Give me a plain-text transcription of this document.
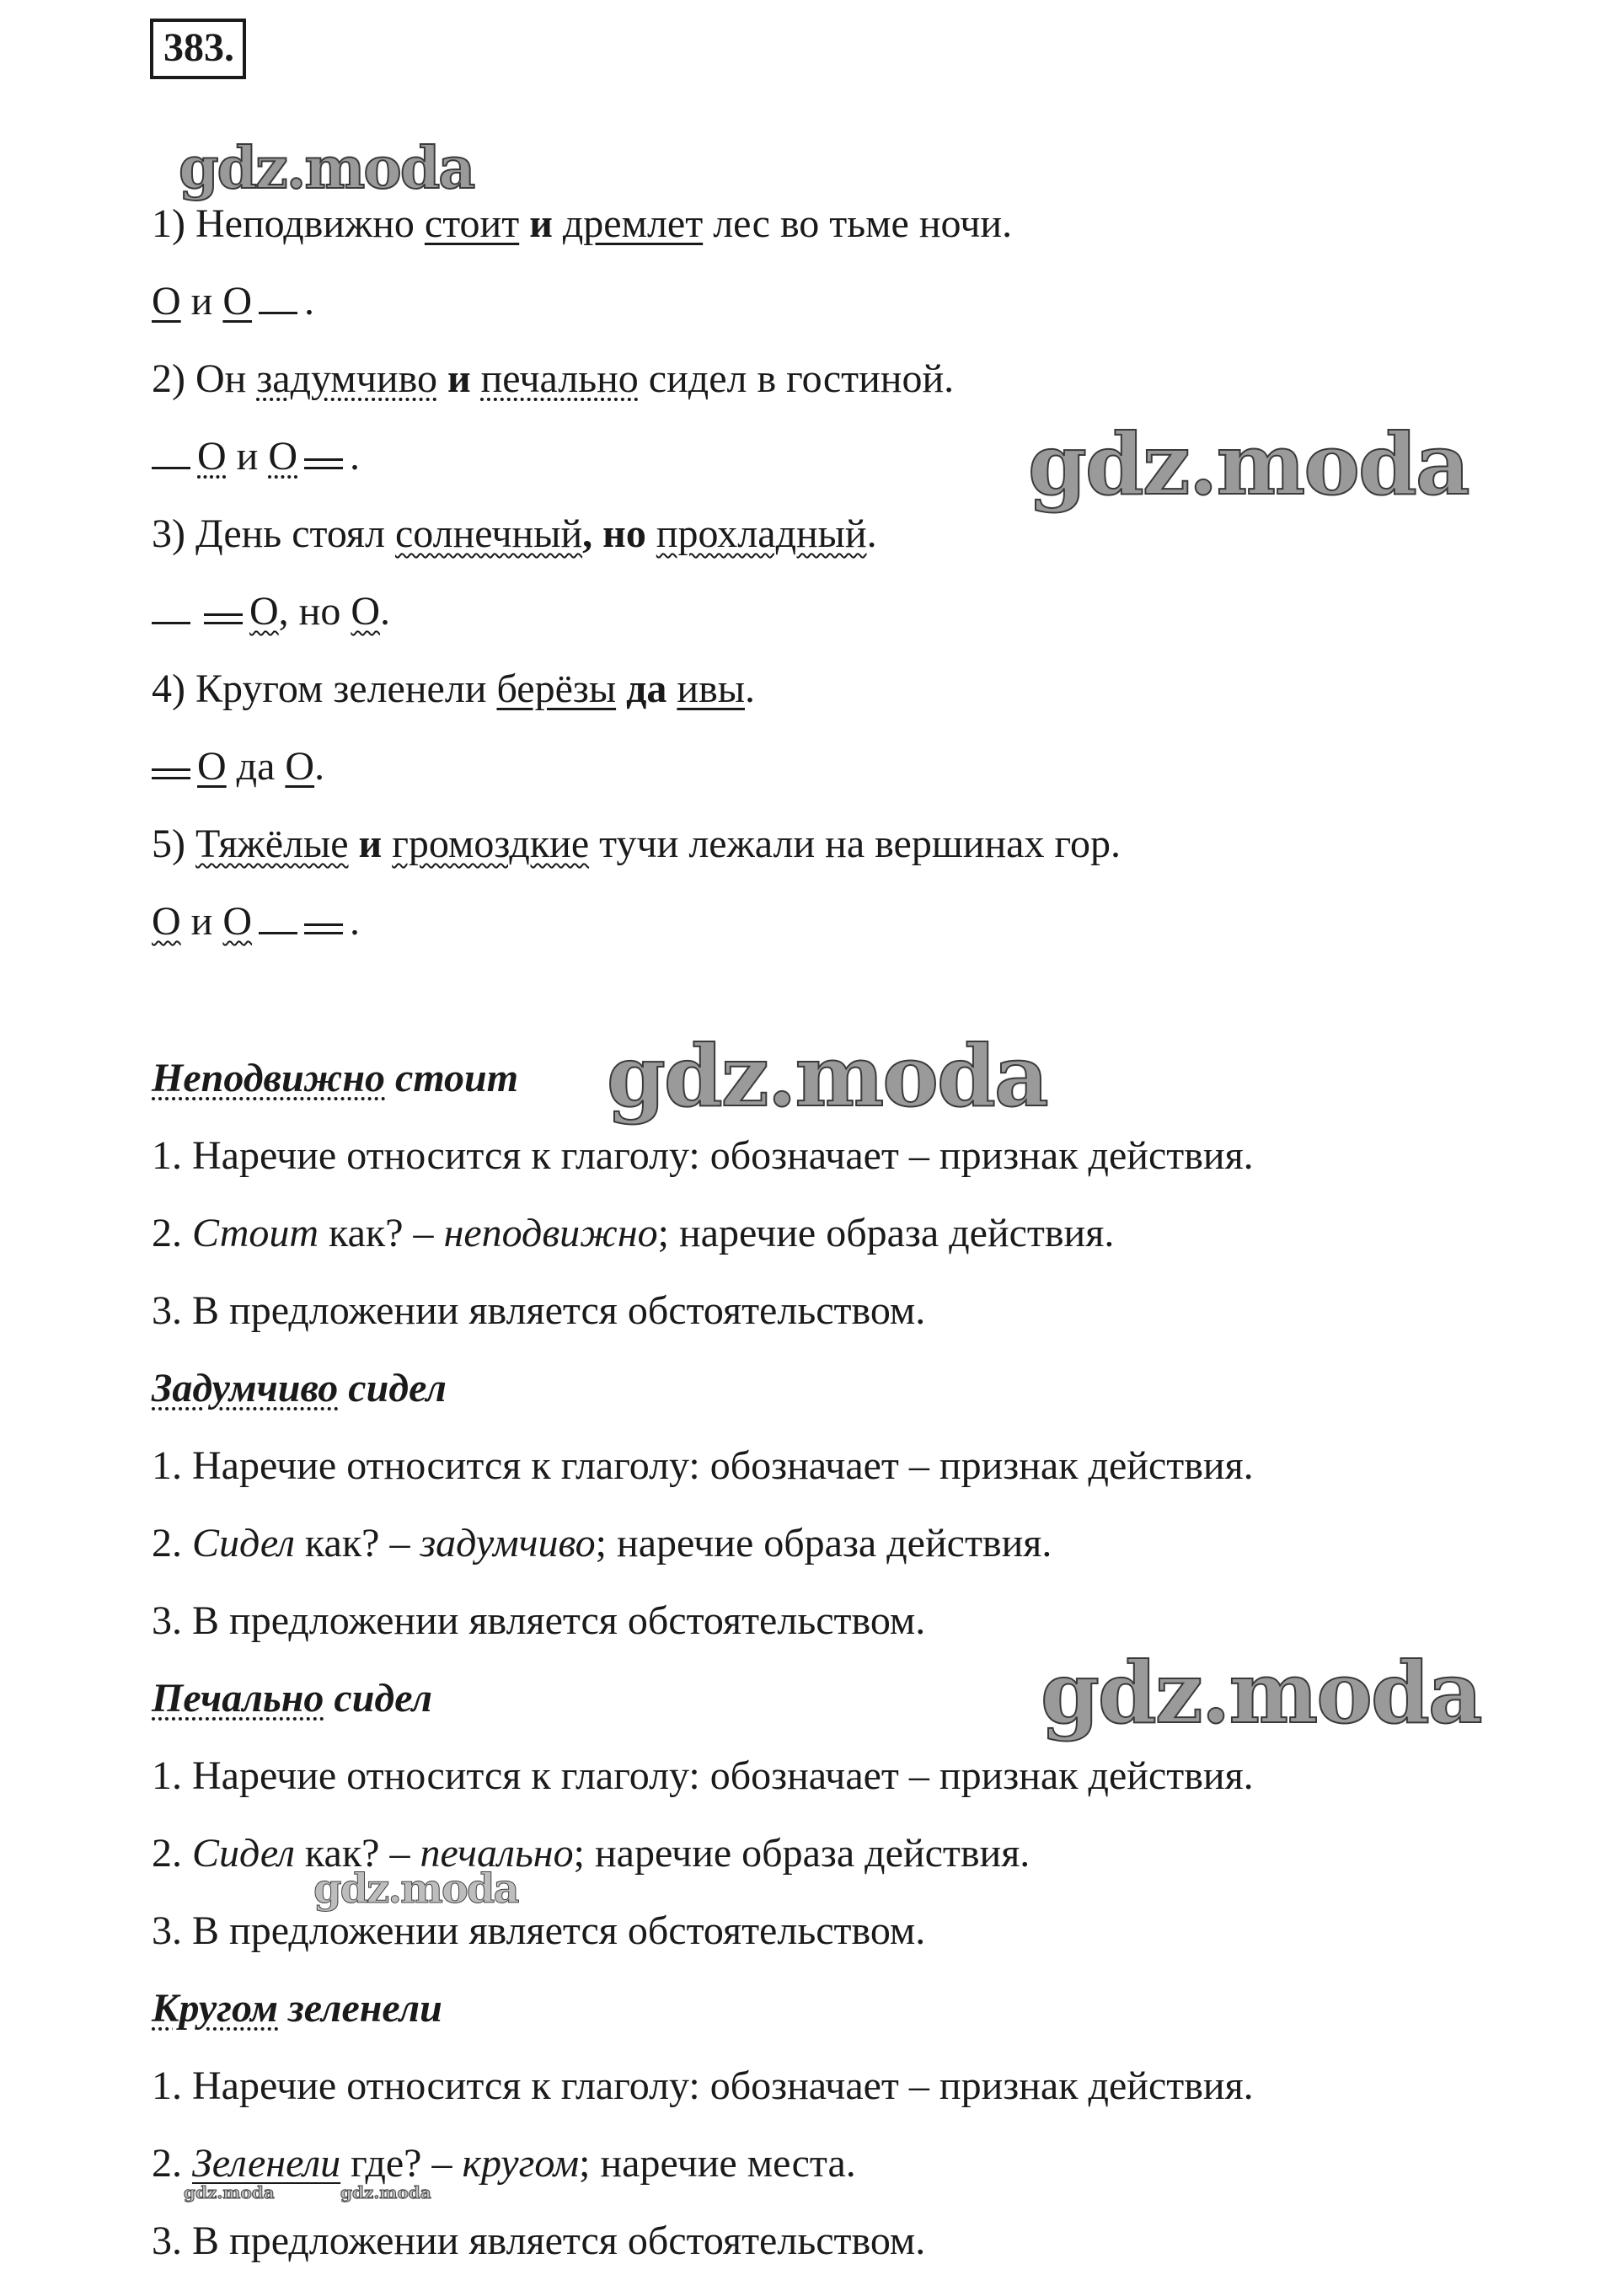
383.
1) Неподвижно стоит и дремлет лес во тьме ночи.
О и О .
2) Он задумчиво и печально сидел в гостиной.
О и О .
3) День стоял солнечный, но прохладный.
О, но О.
4) Кругом зеленели берёзы да ивы.
О да О.
5) Тяжёлые и громоздкие тучи лежали на вершинах гор.
О и О .
Неподвижно стоит
1. Наречие относится к глаголу: обозначает – признак действия.
2. Стоит как? – неподвижно; наречие образа действия.
3. В предложении является обстоятельством.
Задумчиво сидел
1. Наречие относится к глаголу: обозначает – признак действия.
2. Сидел как? – задумчиво; наречие образа действия.
3. В предложении является обстоятельством.
Печально сидел
1. Наречие относится к глаголу: обозначает – признак действия.
2. Сидел как? – печально; наречие образа действия.
3. В предложении является обстоятельством.
Кругом зеленели
1. Наречие относится к глаголу: обозначает – признак действия.
2. Зеленели где? – кругом; наречие места.
3. В предложении является обстоятельством.
gdz.moda
gdz.moda
gdz.moda
gdz.moda
gdz.moda
gdz.moda	gdz.moda
